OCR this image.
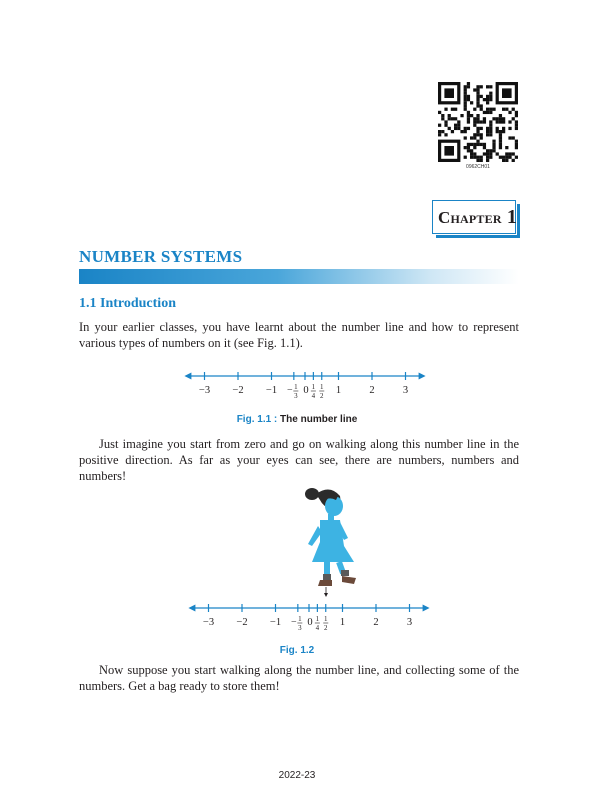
0962CH01
Chapter 1
NUMBER SYSTEMS
1.1 Introduction
In your earlier classes, you have learnt about the number line and how to represent various types of numbers on it (see Fig. 1.1).
−3 −2 −1	0	1	2	3
− 1
3
1
4
1
2
Fig. 1.1 : The number line
Just imagine you start from zero and go on walking along this number line in the positive direction. As far as your eyes can see, there are numbers, numbers and numbers!
−3 −2 −1	0	1	2	3
− 1
3
1
4
1
2
Fig. 1.2
Now suppose you start walking along the number line, and collecting some of the numbers. Get a bag ready to store them!
2022-23
